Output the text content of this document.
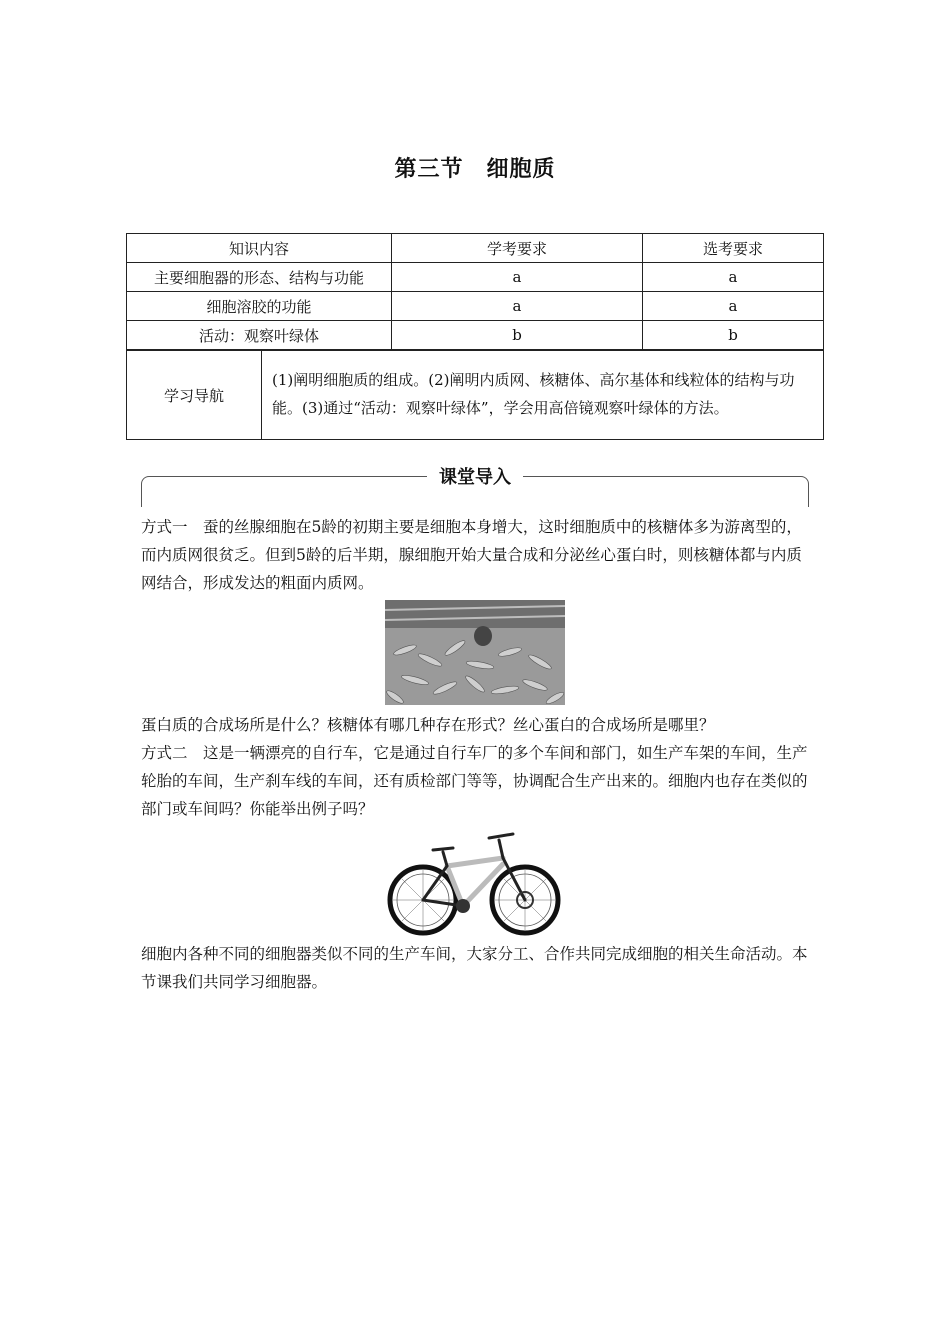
第三节　细胞质
知识内容	学考要求	选考要求
主要细胞器的形态、结构与功能	a	a
细胞溶胶的功能	a	a
活动：观察叶绿体	b	b
学习导航	(1)阐明细胞质的组成。(2)阐明内质网、核糖体、高尔基体和线粒体的结构与功能。(3)通过“活动：观察叶绿体”，学会用高倍镜观察叶绿体的方法。
课堂导入

方式一　蚕的丝腺细胞在5龄的初期主要是细胞本身增大，这时细胞质中的核糖体多为游离型的，而内质网很贫乏。但到5龄的后半期，腺细胞开始大量合成和分泌丝心蛋白时，则核糖体都与内质网结合，形成发达的粗面内质网。

蛋白质的合成场所是什么？核糖体有哪几种存在形式？丝心蛋白的合成场所是哪里？

方式二　这是一辆漂亮的自行车，它是通过自行车厂的多个车间和部门，如生产车架的车间，生产轮胎的车间，生产刹车线的车间，还有质检部门等等，协调配合生产出来的。细胞内也存在类似的部门或车间吗？你能举出例子吗？

细胞内各种不同的细胞器类似不同的生产车间，大家分工、合作共同完成细胞的相关生命活动。本节课我们共同学习细胞器。
